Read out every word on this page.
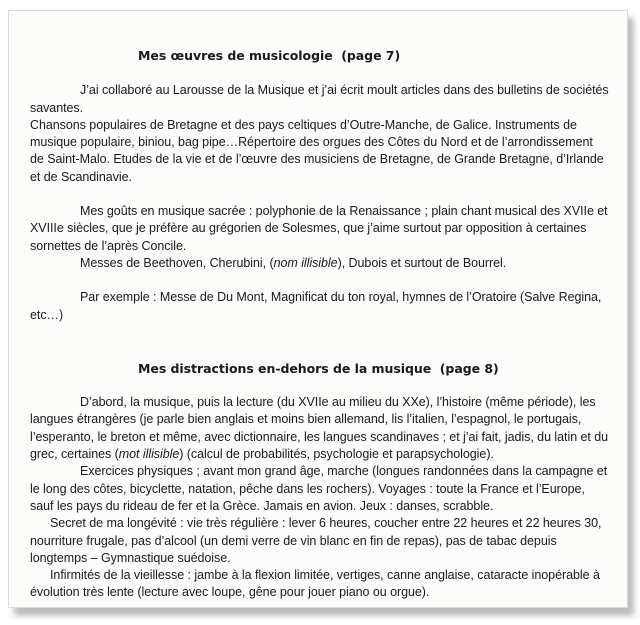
Mes œuvres de musicologie  (page 7)

J’ai collaboré au Larousse de la Musique et j’ai écrit moult articles dans des bulletins de sociétés savantes.

Chansons populaires de Bretagne et des pays celtiques d’Outre-Manche, de Galice. Instruments de musique populaire, biniou, bag pipe…Répertoire des orgues des Côtes du Nord et de l’arrondissement de Saint-Malo. Etudes de la vie et de l’œuvre des musiciens de Bretagne, de Grande Bretagne, d’Irlande et de Scandinavie.

Mes goûts en musique sacrée : polyphonie de la Renaissance ; plain chant musical des XVIIe et XVIIIe siècles, que je préfère au grégorien de Solesmes, que j’aime surtout par opposition à certaines sornettes de l’après Concile.

Messes de Beethoven, Cherubini, (nom illisible), Dubois et surtout de Bourrel.

Par exemple : Messe de Du Mont, Magnificat du ton royal, hymnes de l’Oratoire (Salve Regina, etc…)

Mes distractions en-dehors de la musique  (page 8)

D’abord, la musique, puis la lecture (du XVIIe au milieu du XXe), l’histoire (même période), les langues étrangères (je parle bien anglais et moins bien allemand, lis l’italien, l’espagnol, le portugais, l’esperanto, le breton et même, avec dictionnaire, les langues scandinaves ; et j’ai fait, jadis, du latin et du grec, certaines (mot illisible) (calcul de probabilités, psychologie et parapsychologie).

Exercices physiques ; avant mon grand âge, marche (longues randonnées dans la campagne et le long des côtes, bicyclette, natation, pêche dans les rochers). Voyages : toute la France et l’Europe, sauf les pays du rideau de fer et la Grèce. Jamais en avion. Jeux : danses, scrabble.

Secret de ma longévité : vie très régulière : lever 6 heures, coucher entre 22 heures et 22 heures 30, nourriture frugale, pas d’alcool (un demi verre de vin blanc en fin de repas), pas de tabac depuis longtemps – Gymnastique suédoise.

Infirmités de la vieillesse : jambe à la flexion limitée, vertiges, canne anglaise, cataracte inopérable à évolution très lente (lecture avec loupe, gêne pour jouer piano ou orgue).
